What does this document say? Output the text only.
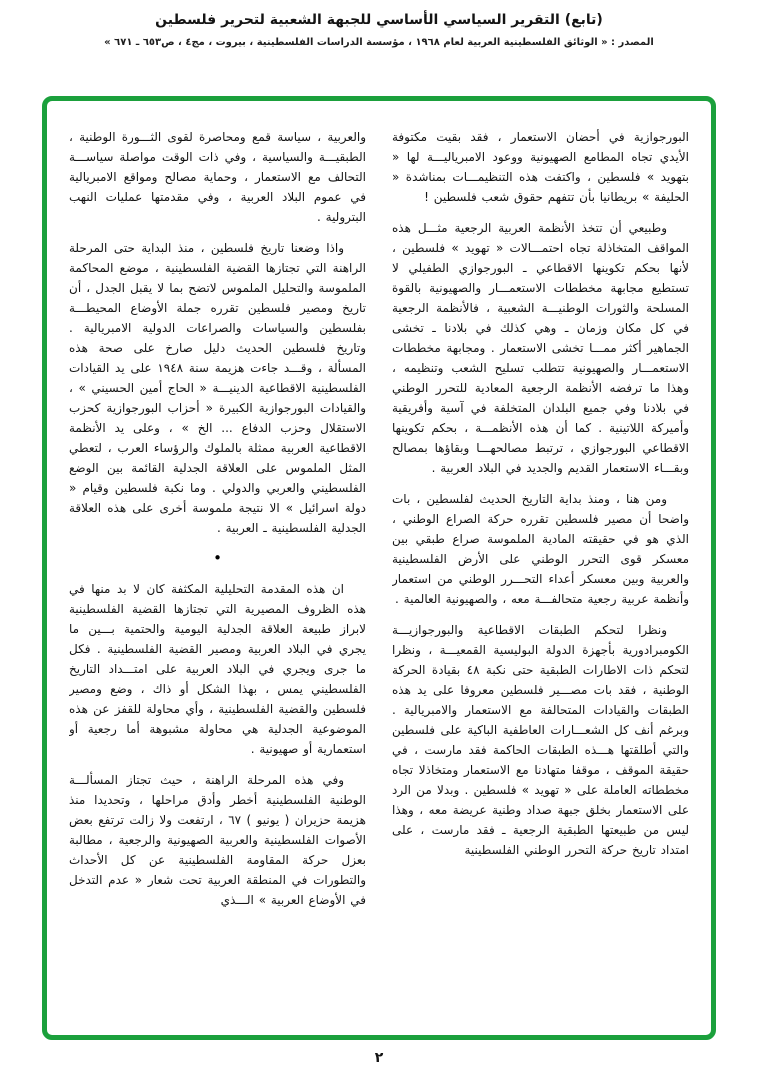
(تابع) التقرير السياسي الأساسي للجبهة الشعبية لتحرير فلسطين
المصدر : « الوثائق الفلسطينية العربية لعام ١٩٦٨ ، مؤسسة الدراسات الفلسطينية ، بيروت ، مج٤ ، ص٦٥٣ ـ ٦٧١ »

البورجوازية في أحضان الاستعمار ، فقد بقيت مكتوفة الأيدي تجاه المطامع الصهيونية ووعود الامبرياليـــة لها « بتهويد » فلسطين ، واكتفت هذه التنظيمـــات بمناشدة « الحليفة » بريطانيا بأن تتفهم حقوق شعب فلسطين !

وطبيعي أن تتخذ الأنظمة العربية الرجعية مثـــل هذه المواقف المتخاذلة تجاه احتمـــالات « تهويد » فلسطين ، لأنها بحكم تكوينها الاقطاعي ـ البورجوازي الطفيلي لا تستطيع مجابهة مخططات الاستعمـــار والصهيونية بالقوة المسلحة والثورات الوطنيـــة الشعبية ، فالأنظمة الرجعية في كل مكان وزمان ـ وهي كذلك في بلادنا ـ تخشى الجماهير أكثر ممـــا تخشى الاستعمار . ومجابهة مخططات الاستعمـــار والصهيونية تتطلب تسليح الشعب وتنظيمه ، وهذا ما ترفضه الأنظمة الرجعية المعادية للتحرر الوطني في بلادنا وفي جميع البلدان المتخلفة في آسية وأفريقية وأميركة اللاتينية . كما أن هذه الأنظمـــة ، بحكم تكوينها الاقطاعي البورجوازي ، ترتبط مصالحهـــا وبقاؤها بمصالح وبقـــاء الاستعمار القديم والجديد في البلاد العربية .

ومن هنا ، ومنذ بداية التاريخ الحديث لفلسطين ، بات واضحا أن مصير فلسطين تقرره حركة الصراع الوطني ، الذي هو في حقيقته المادية الملموسة صراع طبقي بين معسكر قوى التحرر الوطني على الأرض الفلسطينية والعربية وبين معسكر أعداء التحـــرر الوطني من استعمار وأنظمة عربية رجعية متحالفـــة معه ، والصهيونية العالمية .

ونظرا لتحكم الطبقات الاقطاعية والبورجوازيـــة الكومبرادورية بأجهزة الدولة البوليسية القمعيـــة ، ونظرا لتحكم ذات الاطارات الطبقية حتى نكبة ٤٨ بقيادة الحركة الوطنية ، فقد بات مصـــير فلسطين معروفا على يد هذه الطبقات والقيادات المتحالفة مع الاستعمار والامبريالية . وبرغم أنف كل الشعـــارات العاطفية الباكية على فلسطين والتي أطلقتها هـــذه الطبقات الحاكمة فقد مارست ، في حقيقة الموقف ، موقفا متهادنا مع الاستعمار ومتخاذلا تجاه مخططاته العاملة على « تهويد » فلسطين . وبدلا من الرد على الاستعمار بخلق جبهة صداد وطنية عريضة معه ، وهذا ليس من طبيعتها الطبقية الرجعية ـ فقد مارست ، على امتداد تاريخ حركة التحرر الوطني الفلسطينية

والعربية ، سياسة قمع ومحاصرة لقوى الثـــورة الوطنية ، الطبقيـــة والسياسية ، وفي ذات الوقت مواصلة سياســـة التحالف مع الاستعمار ، وحماية مصالح ومواقع الامبريالية في عموم البلاد العربية ، وفي مقدمتها عمليات النهب البترولية .

واذا وضعنا تاريخ فلسطين ، منذ البداية حتى المرحلة الراهنة التي تجتازها القضية الفلسطينية ، موضع المحاكمة الملموسة والتحليل الملموس لاتضح بما لا يقبل الجدل ، أن تاريخ ومصير فلسطين تقرره جملة الأوضاع المحيطـــة بفلسطين والسياسات والصراعات الدولية الامبريالية . وتاريخ فلسطين الحديث دليل صارخ على صحة هذه المسألة ، وقـــد جاءت هزيمة سنة ١٩٤٨ على يد القيادات الفلسطينية الاقطاعية الدينيـــة « الحاج أمين الحسيني » ، والقيادات البورجوازية الكبيرة « أحزاب البورجوازية كحزب الاستقلال وحزب الدفاع ... الخ » ، وعلى يد الأنظمة الاقطاعية العربية ممثلة بالملوك والرؤساء العرب ، لتعطي المثل الملموس على العلاقة الجدلية القائمة بين الوضع الفلسطيني والعربي والدولي . وما نكبة فلسطين وقيام « دولة اسرائيل » الا نتيجة ملموسة أخرى على هذه العلاقة الجدلية الفلسطينية ـ العربية .

•

ان هذه المقدمة التحليلية المكثفة كان لا بد منها في هذه الظروف المصيرية التي تجتازها القضية الفلسطينية لابراز طبيعة العلاقة الجدلية اليومية والحتمية بـــين ما يجري في البلاد العربية ومصير القضية الفلسطينية . فكل ما جرى ويجري في البلاد العربية على امتـــداد التاريخ الفلسطيني يمس ، بهذا الشكل أو ذاك ، وضع ومصير فلسطين والقضية الفلسطينية ، وأي محاولة للقفز عن هذه الموضوعية الجدلية هي محاولة مشبوهة أما رجعية أو استعمارية أو صهيونية .

وفي هذه المرحلة الراهنة ، حيث تجتاز المسألـــة الوطنية الفلسطينية أخطر وأدق مراحلها ، وتحديدا منذ هزيمة حزيران ( يونيو ) ٦٧ ، ارتفعت ولا زالت ترتفع بعض الأصوات الفلسطينية والعربية الصهيونية والرجعية ، مطالبة بعزل حركة المقاومة الفلسطينية عن كل الأحداث والتطورات في المنطقة العربية تحت شعار « عدم التدخل في الأوضاع العربية » الـــذي

٢
